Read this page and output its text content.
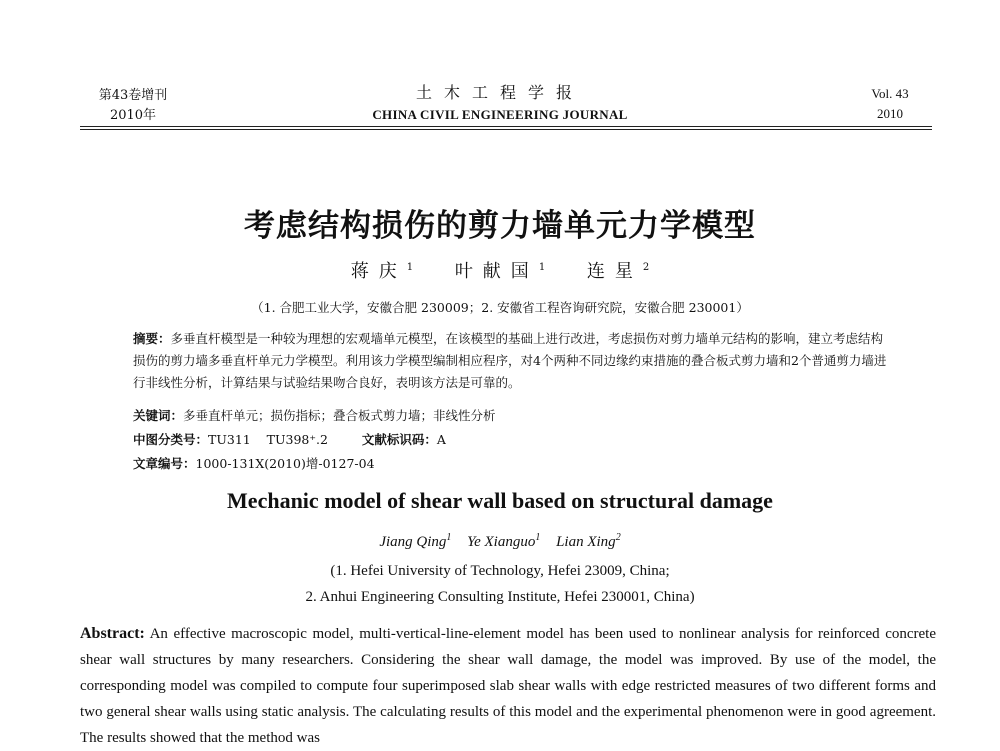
第43卷增刊
2010年
土木工程学报
CHINA CIVIL ENGINEERING JOURNAL
Vol. 43
2010
考虑结构损伤的剪力墙单元力学模型
蒋庆$^1$ 叶献国$^1$ 连星$^2$
（1. 合肥工业大学，安徽合肥 230009；2. 安徽省工程咨询研究院，安徽合肥 230001）
摘要：多垂直杆模型是一种较为理想的宏观墙单元模型，在该模型的基础上进行改进，考虑损伤对剪力墙单元结构的影响，建立考虑结构损伤的剪力墙多垂直杆单元力学模型。利用该力学模型编制相应程序，对4个两种不同边缘约束措施的叠合板式剪力墙和2个普通剪力墙进行非线性分析，计算结果与试验结果吻合良好，表明该方法是可靠的。
关键词：多垂直杆单元；损伤指标；叠合板式剪力墙；非线性分析
中图分类号：TU311    TU398⁺.2	文献标识码：A
文章编号：1000-131X(2010)增-0127-04
Mechanic model of shear wall based on structural damage
Jiang Qing$^1$ Ye Xianguo$^1$ Lian Xing$^2$
(1. Hefei University of Technology, Hefei 23009, China;
2. Anhui Engineering Consulting Institute, Hefei 230001, China)
Abstract: An effective macroscopic model, multi-vertical-line-element model has been used to nonlinear analysis for reinforced concrete shear wall structures by many researchers. Considering the shear wall damage, the model was improved. By use of the model, the corresponding model was compiled to compute four superimposed slab shear walls with edge restricted measures of two different forms and two general shear walls using static analysis. The calculating results of this model and the experimental phenomenon were in good agreement. The results showed that the method was
